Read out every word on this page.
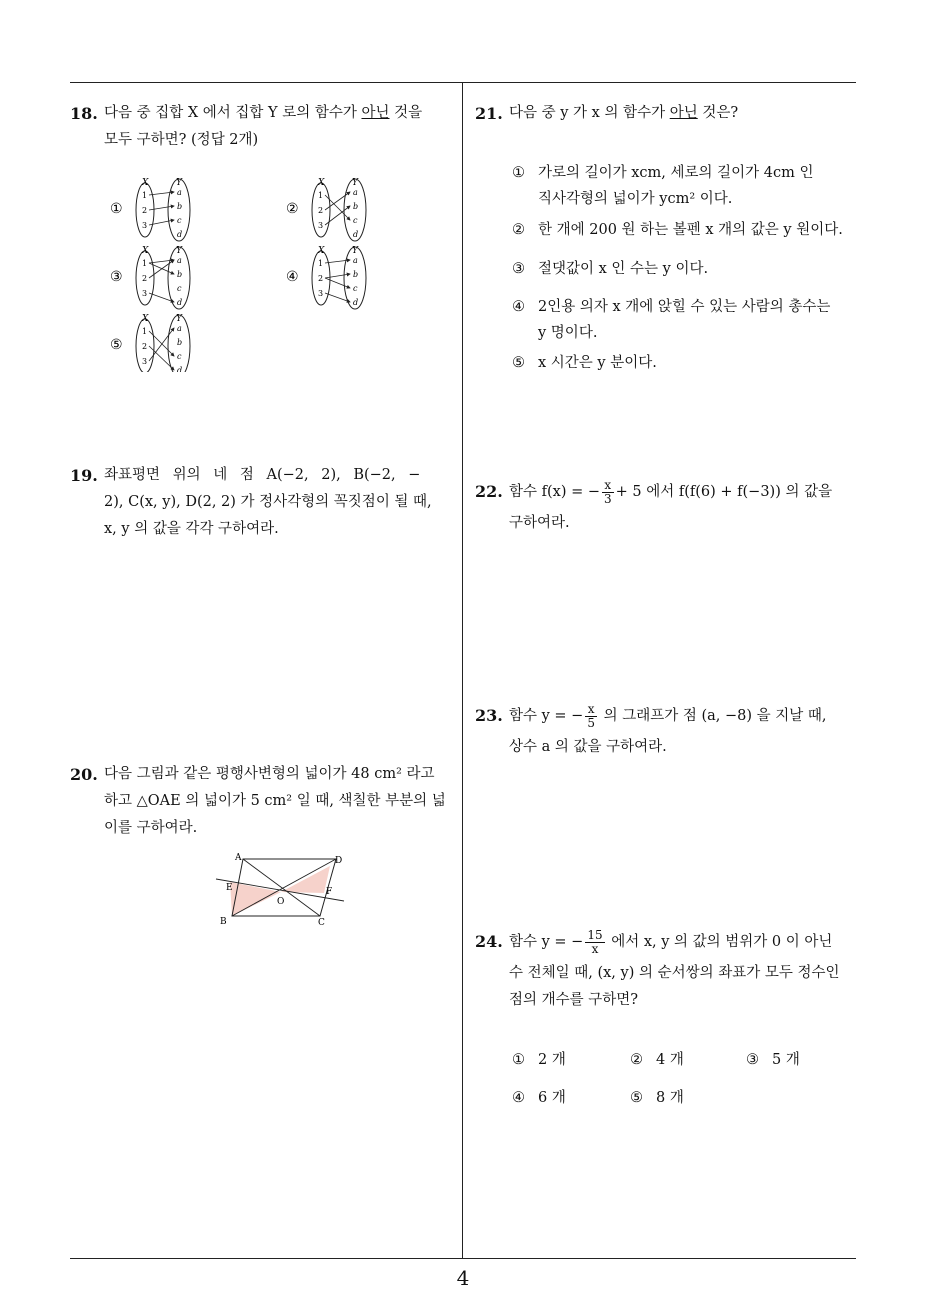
18. 다음 중 집합 X 에서 집합 Y 로의 함수가 아닌 것을

모두 구하면? (정답 2개)

①
X	Y
1
2
3
a
b
c
d
②
X	Y
1
2
3
a
b
c
d
③
X	Y
1
2
3
a
b
c
d
④
X	Y
1
2
3
a
b
c
d
⑤
X	Y
1
2
3
a
b
c
d
19. 좌표평면 위의 네 점 A(−2, 2), B(−2, −

2), C(x, y), D(2, 2) 가 정사각형의 꼭짓점이 될 때,

x, y 의 값을 각각 구하여라.

20. 다음 그림과 같은 평행사변형의 넓이가 48 cm² 라고

하고 △OAE 의 넓이가 5 cm² 일 때, 색칠한 부분의 넓

이를 구하여라.

A	D
E	F
O
B	C
21. 다음 중 y 가 x 의 함수가 아닌 것은?

① 가로의 길이가 xcm, 세로의 길이가 4cm 인
직사각형의 넓이가 ycm² 이다.
② 한 개에 200 원 하는 볼펜 x 개의 값은 y 원이다.
③ 절댓값이 x 인 수는 y 이다.
④ 2인용 의자 x 개에 앉힐 수 있는 사람의 총수는
y 명이다.
⑤ x 시간은 y 분이다.
22. 함수 f(x) = − $\frac{x}{3} + 5$ 에서 f(f(6) + f(−3)) 의 값을

구하여라.

23. 함수 y = − $\frac{x}{5}$ 의 그래프가 점 (a, −8) 을 지날 때,

상수 a 의 값을 구하여라.

24. 함수 y = − $\frac{15}{x}$ 에서 x, y 의 값의 범위가 0 이 아닌

수 전체일 때, (x, y) 의 순서쌍의 좌표가 모두 정수인

점의 개수를 구하면?

① 2 개	② 4 개	③ 5 개
④ 6 개	⑤ 8 개
4
